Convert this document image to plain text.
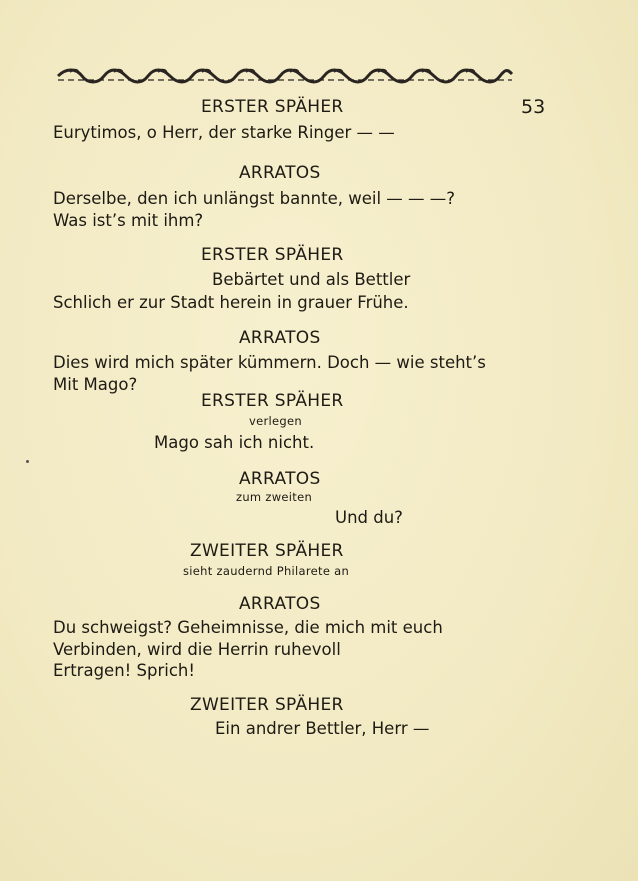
ERSTER SPÄHER	53
Eurytimos, o Herr, der starke Ringer — —
ARRATOS
Derselbe, den ich unlängst bannte, weil — — —?
Was ist’s mit ihm?
ERSTER SPÄHER
Bebärtet und als Bettler
Schlich er zur Stadt herein in grauer Frühe.
ARRATOS
Dies wird mich später kümmern. Doch — wie steht’s
Mit Mago?
ERSTER SPÄHER
verlegen
Mago sah ich nicht.
ARRATOS
zum zweiten
Und du?
ZWEITER SPÄHER
sieht zaudernd Philarete an
ARRATOS
Du schweigst? Geheimnisse, die mich mit euch
Verbinden, wird die Herrin ruhevoll
Ertragen! Sprich!
ZWEITER SPÄHER
Ein andrer Bettler, Herr —
